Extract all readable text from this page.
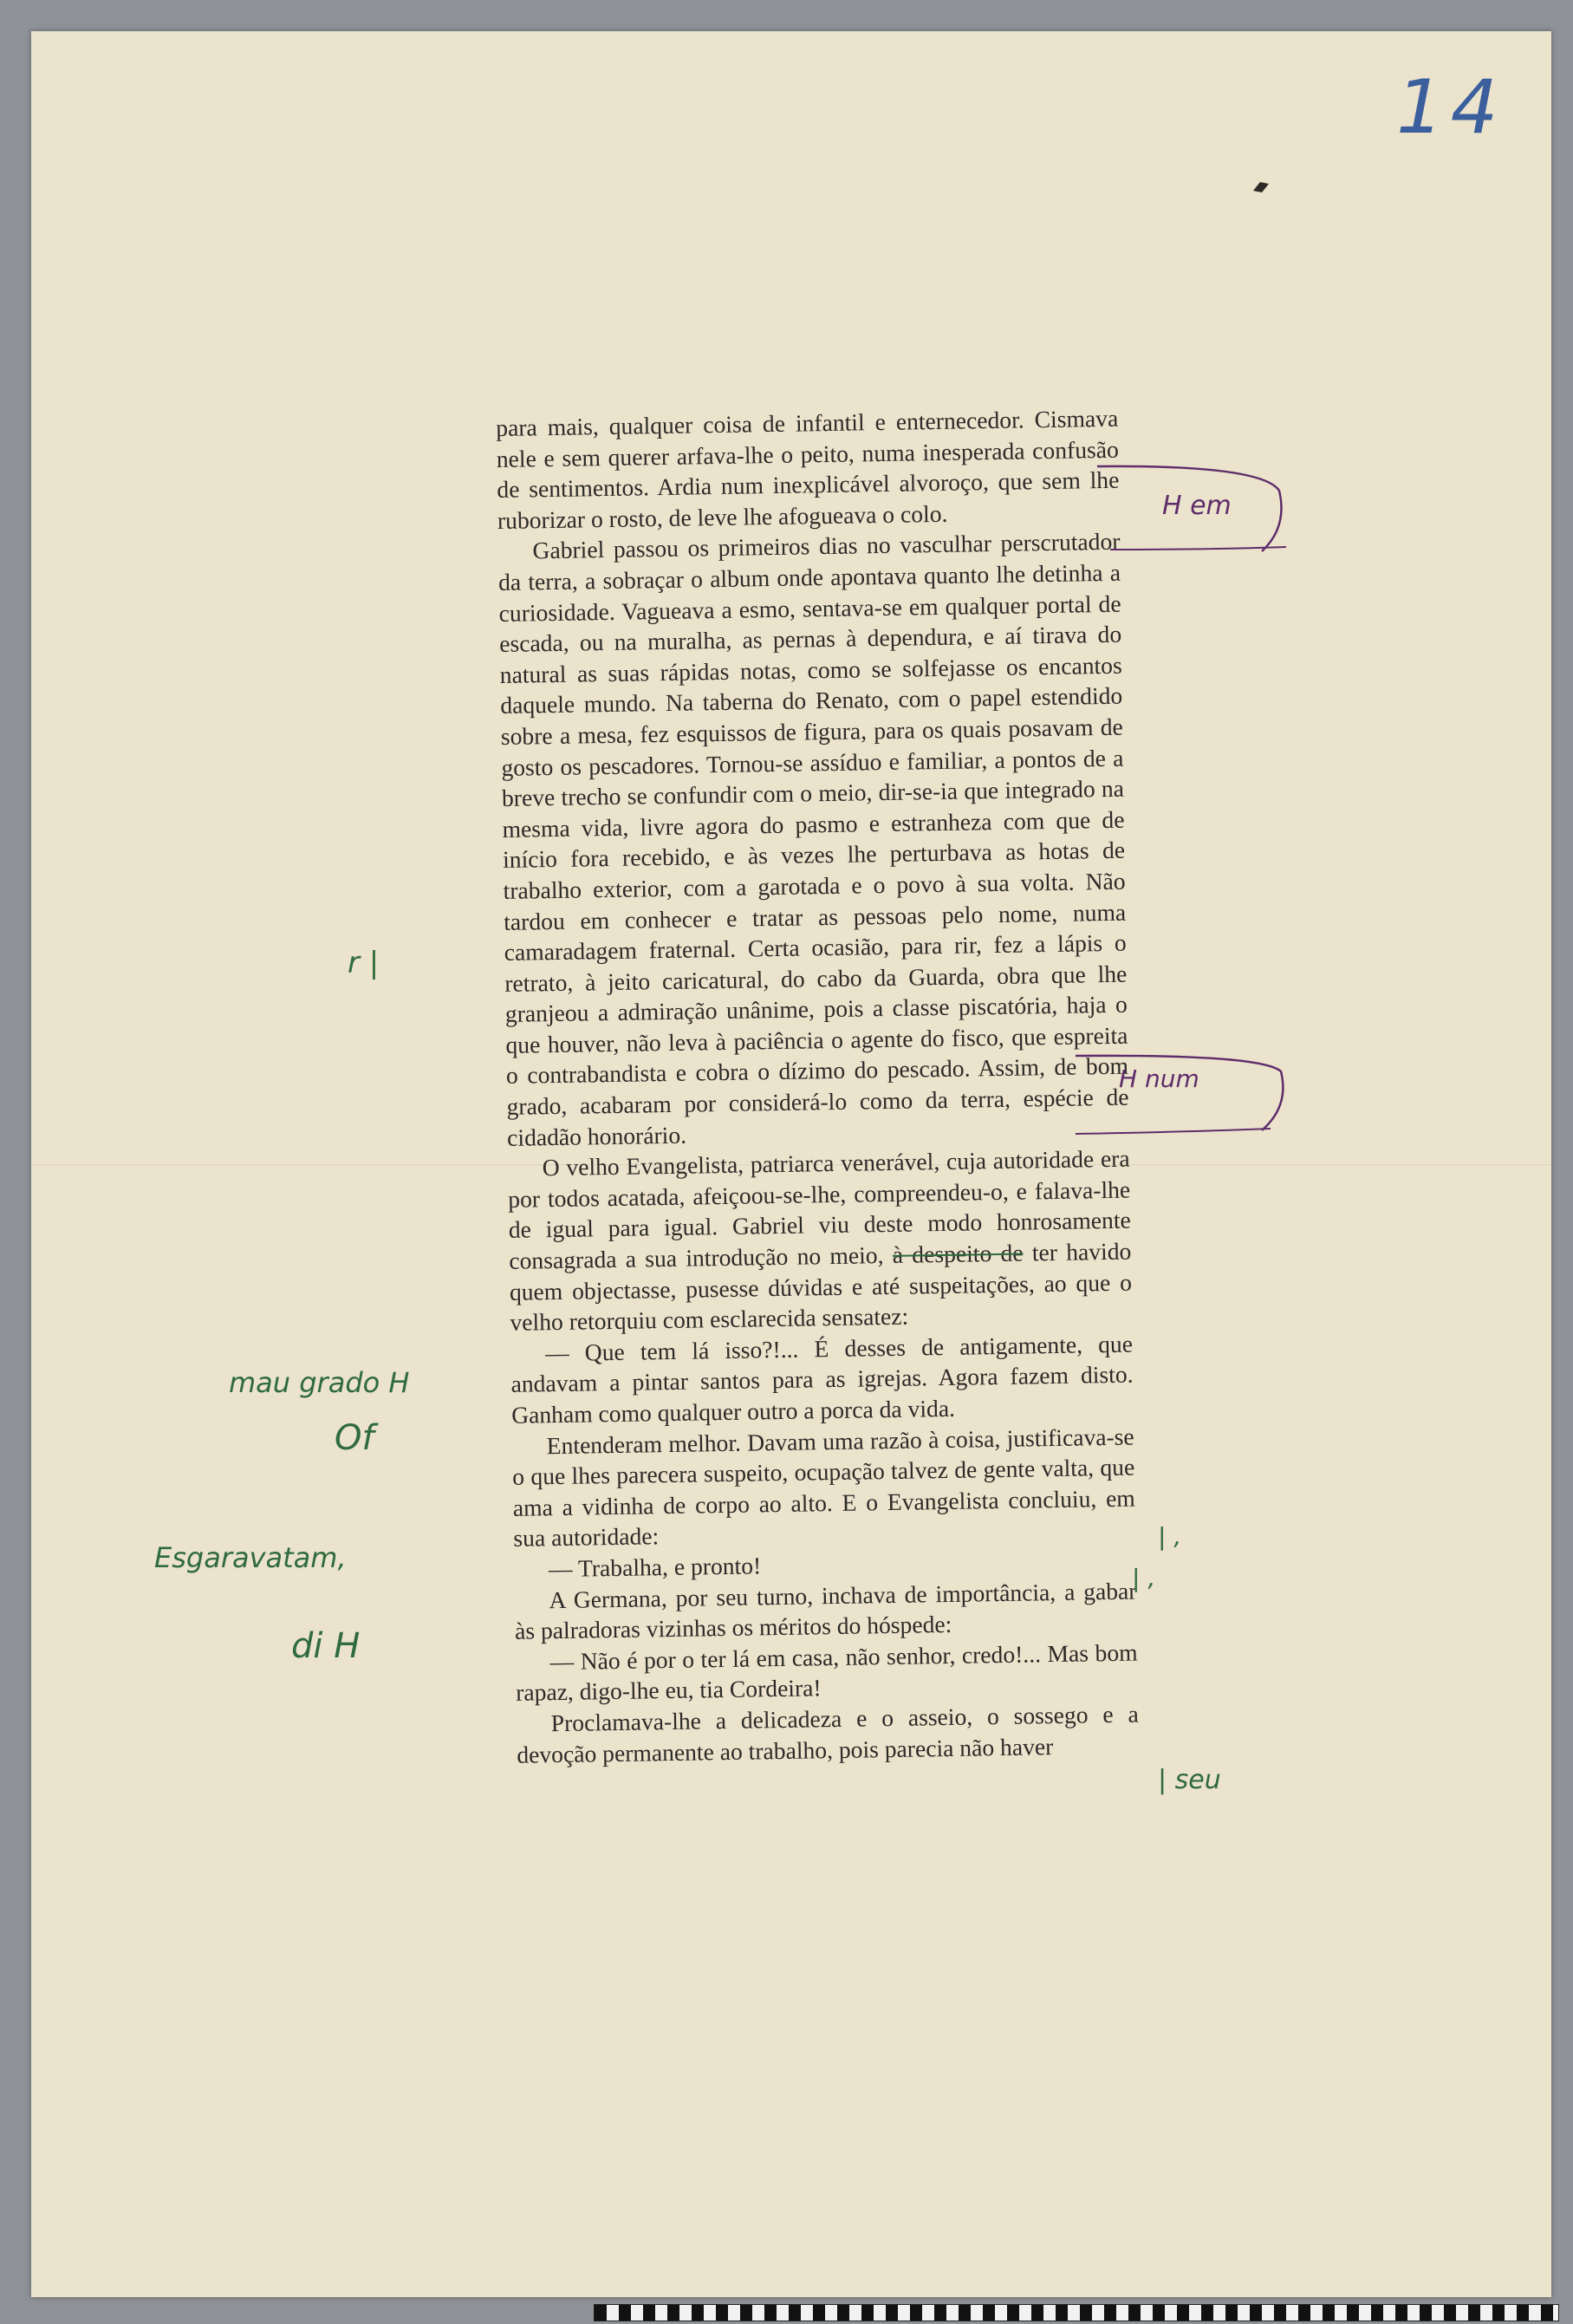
14

para mais, qualquer coisa de infantil e enternecedor. Cismava nele e sem querer arfava-lhe o peito, numa inesperada confusão de sentimentos. Ardia num inexplicável alvoroço, que sem lhe ruborizar o rosto, de leve lhe afogueava o colo.

Gabriel passou os primeiros dias no vasculhar perscrutador da terra, a sobraçar o album onde apontava quanto lhe detinha a curiosidade. Vagueava a esmo, sentava-se em qualquer portal de escada, ou na muralha, as pernas à dependura, e aí tirava do natural as suas rápidas notas, como se solfejasse os encantos daquele mundo. Na taberna do Renato, com o papel estendido sobre a mesa, fez esquissos de figura, para os quais posavam de gosto os pescadores. Tornou-se assíduo e familiar, a pontos de a breve trecho se confundir com o meio, dir-se-ia que integrado na mesma vida, livre agora do pasmo e estranheza com que de início fora recebido, e às vezes lhe perturbava as hotas de trabalho exterior, com a garotada e o povo à sua volta. Não tardou em conhecer e tratar as pessoas pelo nome, numa camaradagem fraternal. Certa ocasião, para rir, fez a lápis o retrato, à jeito caricatural, do cabo da Guarda, obra que lhe granjeou a admiração unânime, pois a classe piscatória, haja o que houver, não leva à paciência o agente do fisco, que espreita o contrabandista e cobra o dízimo do pescado. Assim, de bom grado, acabaram por considerá-lo como da terra, espécie de cidadão honorário.

O velho Evangelista, patriarca venerável, cuja autoridade era por todos acatada, afeiçoou-se-lhe, compreendeu-o, e falava-lhe de igual para igual. Gabriel viu deste modo honrosamente consagrada a sua introdução no meio, à despeito de ter havido quem objectasse, pusesse dúvidas e até suspeitações, ao que o velho retorquiu com esclarecida sensatez:

— Que tem lá isso?!... É desses de antigamente, que andavam a pintar santos para as igrejas. Agora fazem disto. Ganham como qualquer outro a porca da vida.

Entenderam melhor. Davam uma razão à coisa, justificava-se o que lhes parecera suspeito, ocupação talvez de gente valta, que ama a vidinha de corpo ao alto. E o Evangelista concluiu, em sua autoridade:

— Trabalha, e pronto!

A Germana, por seu turno, inchava de importância, a gabar às palradoras vizinhas os méritos do hóspede:

— Não é por o ter lá em casa, não senhor, credo!... Mas bom rapaz, digo-lhe eu, tia Cordeira!

Proclamava-lhe a delicadeza e o asseio, o sossego e a devoção permanente ao trabalho, pois parecia não haver

H em
H num
r |
mau grado H
Of
Esgaravatam,
di H
| ,
| ,
| seu
